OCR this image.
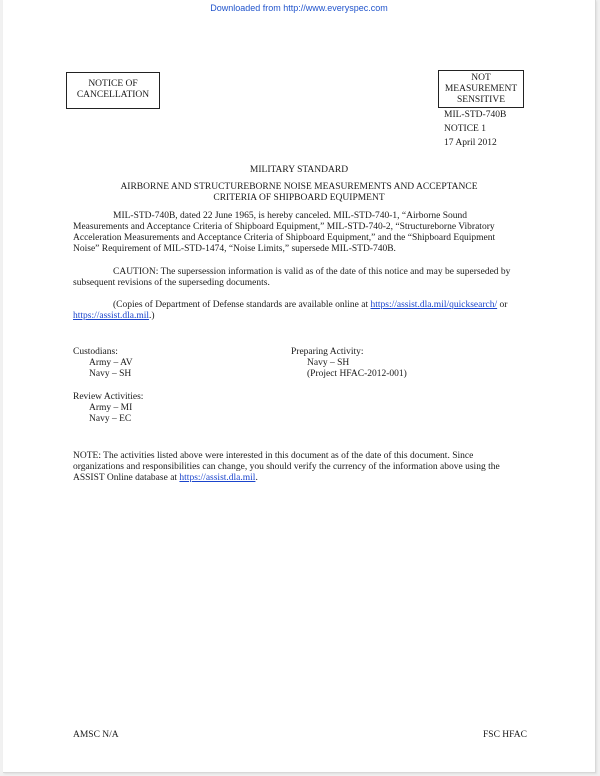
Downloaded from http://www.everyspec.com
NOTICE OF
CANCELLATION
NOT
MEASUREMENT
SENSITIVE
MIL-STD-740B
NOTICE 1
17 April 2012
MILITARY STANDARD
AIRBORNE AND STRUCTUREBORNE NOISE MEASUREMENTS AND ACCEPTANCE
CRITERIA OF SHIPBOARD EQUIPMENT
MIL-STD-740B, dated 22 June 1965, is hereby canceled. MIL-STD-740-1, “Airborne Sound
Measurements and Acceptance Criteria of Shipboard Equipment,” MIL-STD-740-2, “Structureborne Vibratory
Acceleration Measurements and Acceptance Criteria of Shipboard Equipment,” and the “Shipboard Equipment
Noise” Requirement of MIL-STD-1474, “Noise Limits,” supersede MIL-STD-740B.
CAUTION: The supersession information is valid as of the date of this notice and may be superseded by
subsequent revisions of the superseding documents.
(Copies of Department of Defense standards are available online at https://assist.dla.mil/quicksearch/ or
https://assist.dla.mil.)
Custodians:
Army – AV
Navy – SH
Preparing Activity:
Navy – SH
(Project HFAC-2012-001)
Review Activities:
Army – MI
Navy – EC
NOTE: The activities listed above were interested in this document as of the date of this document. Since
organizations and responsibilities can change, you should verify the currency of the information above using the
ASSIST Online database at https://assist.dla.mil.
AMSC N/A	FSC HFAC
